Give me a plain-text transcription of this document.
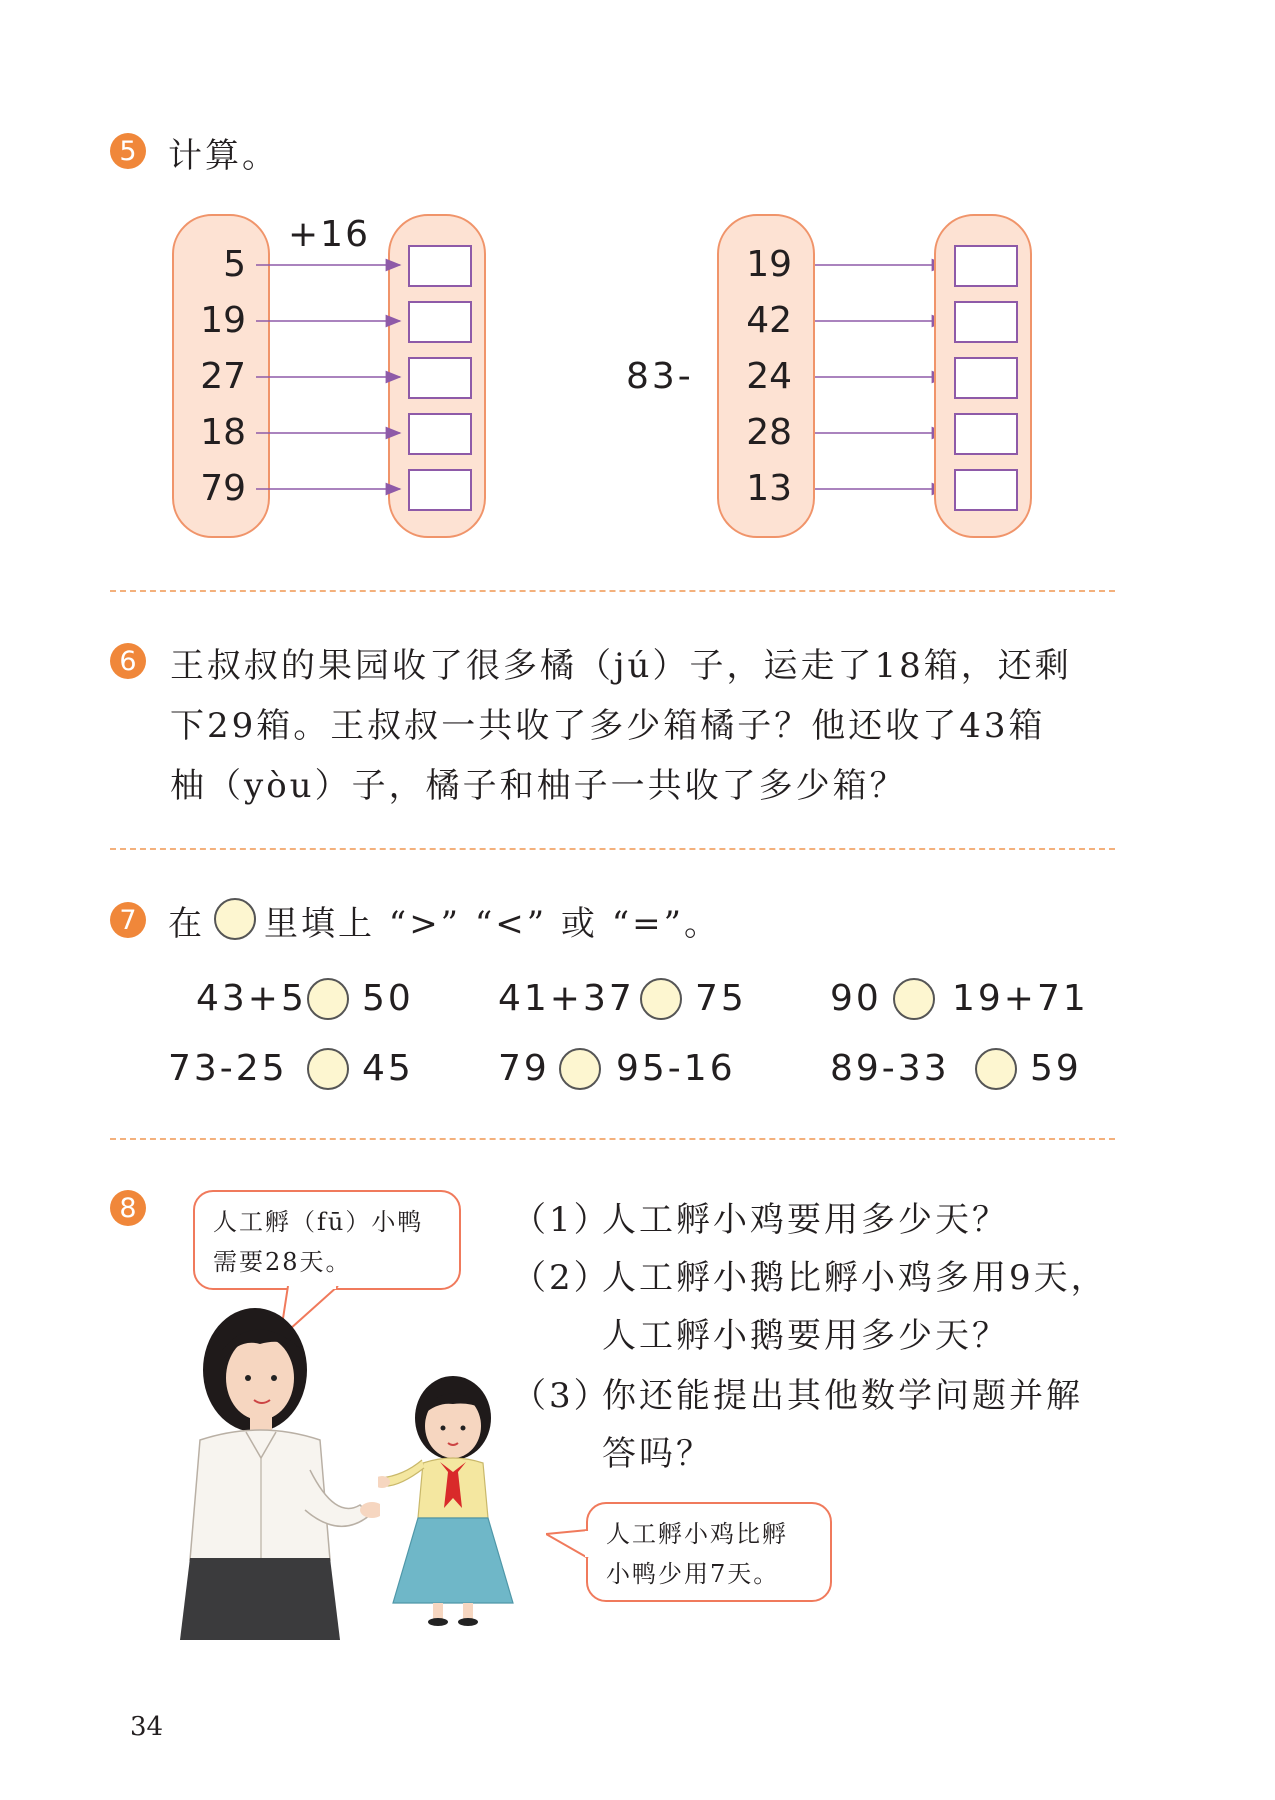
5 计算。
+16
5
19
27
18
79
83-
19
42
24
28
13
6 王叔叔的果园收了很多橘（jú）子，运走了18箱，还剩
下29箱。王叔叔一共收了多少箱橘子？他还收了43箱
柚（yòu）子，橘子和柚子一共收了多少箱？
7 在 里填上 “>” “<” 或 “=”。
43+5 50 41+37 75 90 19+71
73-25 45 79 95-16	89-33 59
8	人工孵（fū）小鸭
需要28天。
人工孵小鸡比孵
小鸭少用7天。
（1）
人工孵小鸡要用多少天？
（2）
人工孵小鹅比孵小鸡多用9天，
人工孵小鹅要用多少天？
（3）
你还能提出其他数学问题并解
答吗？
34
